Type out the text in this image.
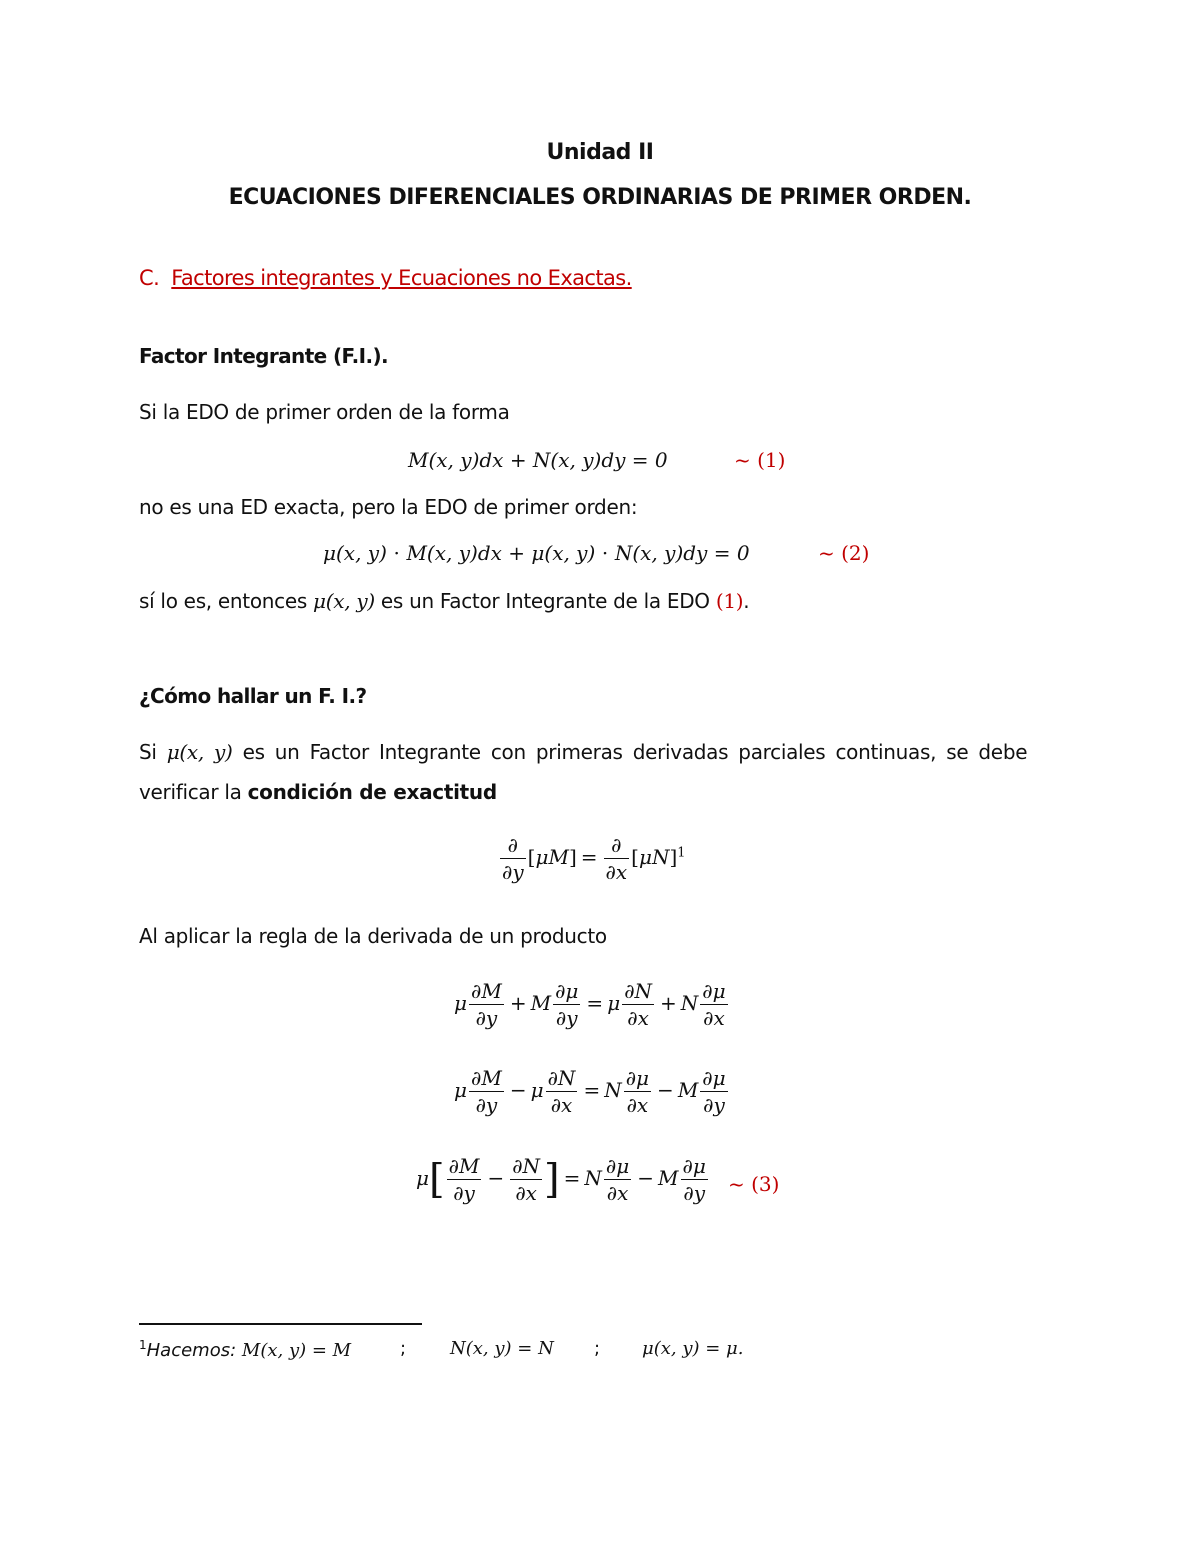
Unidad II
ECUACIONES DIFERENCIALES ORDINARIAS DE PRIMER ORDEN.
C. Factores integrantes y Ecuaciones no Exactas.
Factor Integrante (F.I.).
Si la EDO de primer orden de la forma
M(x, y)dx + N(x, y)dy = 0	~ (1)
no es una ED exacta, pero la EDO de primer orden:
μ(x, y) ⋅ M(x, y)dx + μ(x, y) ⋅ N(x, y)dy = 0	~ (2)
sí lo es, entonces μ(x, y) es un Factor Integrante de la EDO (1).
¿Cómo hallar un F. I.?
Si μ(x, y) es un Factor Integrante con primeras derivadas parciales continuas, se debe
verificar la condición de exactitud
$\frac{\partial}{\partial y} [\mu M] = \frac{\partial}{\partial x} [\mu N]^1$
Al aplicar la regla de la derivada de un producto
μ $\frac{\partial M}{\partial y} + M \frac{\partial\mu}{\partial y} = \mu \frac{\partial N}{\partial x} + N \frac{\partial\mu}{\partial x}$
μ $\frac{\partial M}{\partial y} - \mu \frac{\partial N}{\partial x} = N \frac{\partial\mu}{\partial x} - M \frac{\partial\mu}{\partial y}$
$\mu[ \frac{\partial M}{\partial y} - \frac{\partial N}{\partial x}$ ] = N $\frac{\partial\mu}{\partial x} - M \frac{\partial\mu}{\partial y}$ ~ (3)
$^1$Hacemos: M(x, y) = M	; N(x, y) = N ; μ(x, y) = μ.
